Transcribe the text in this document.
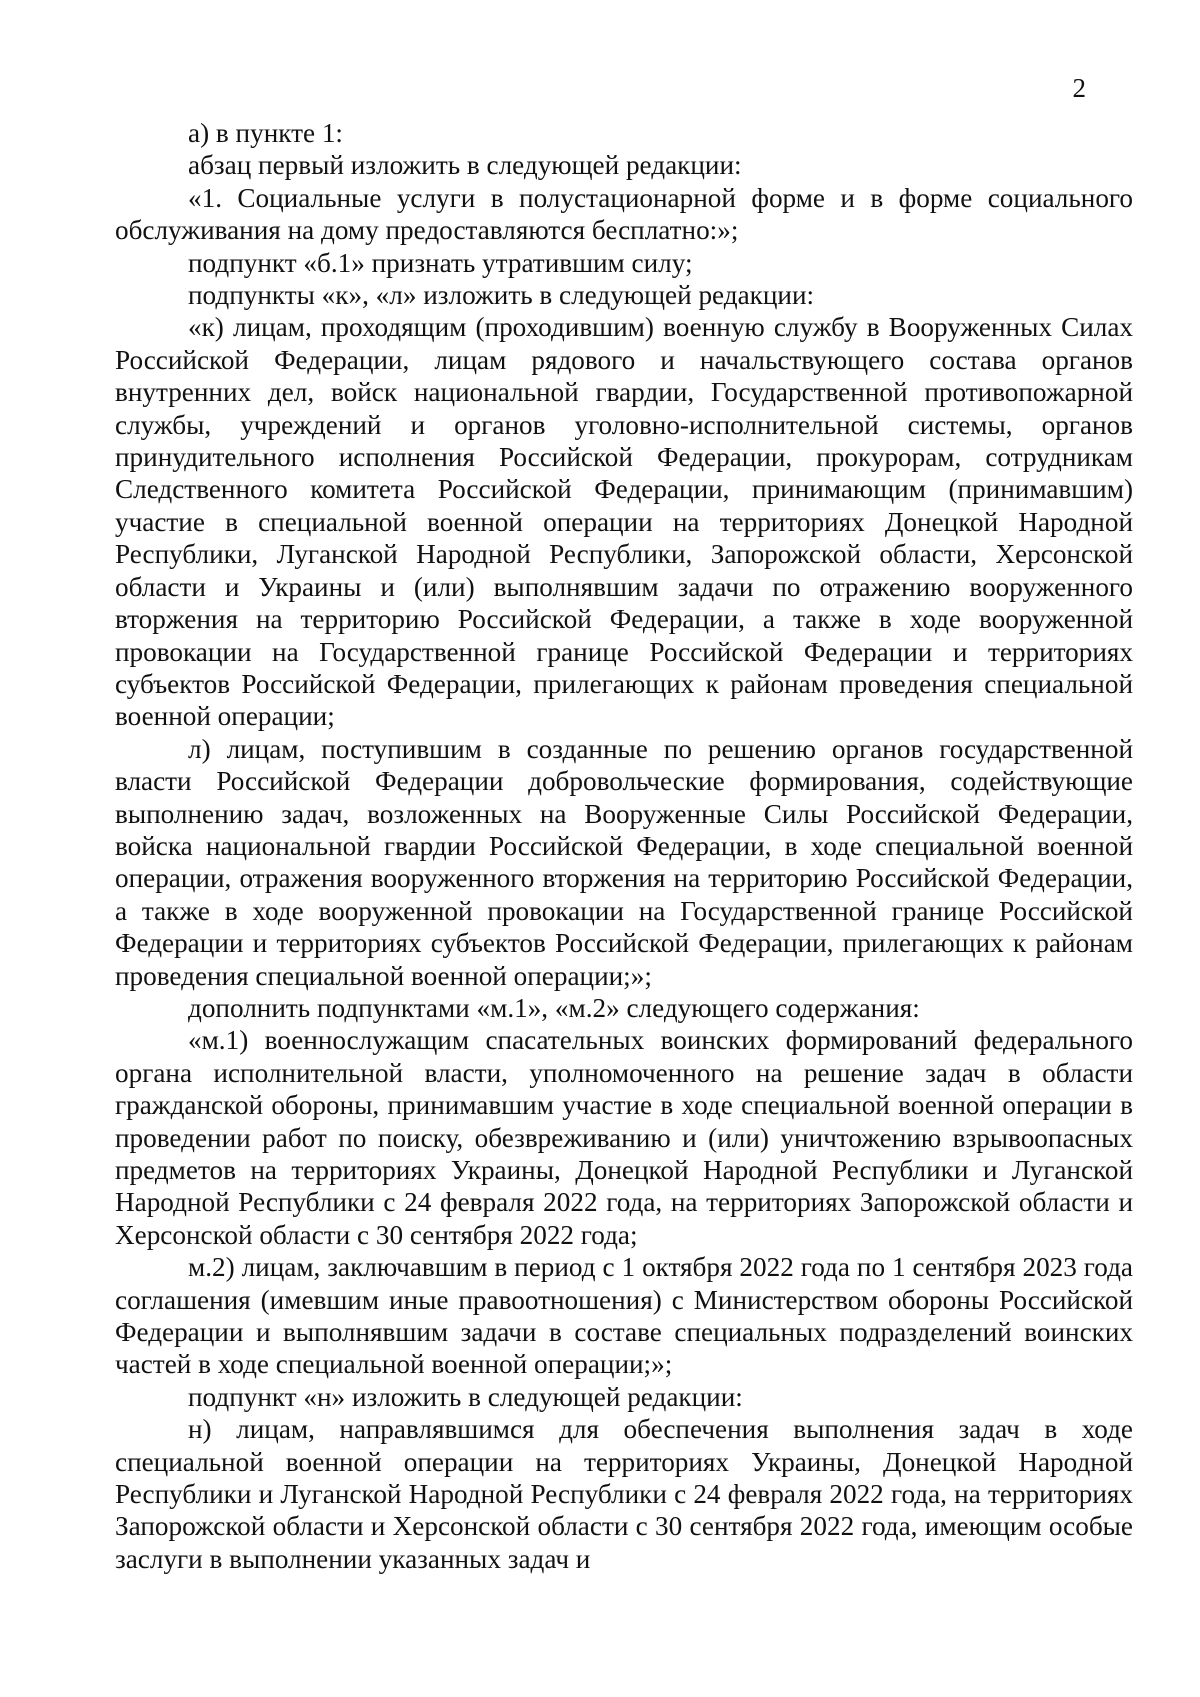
2

а) в пункте 1:

абзац первый изложить в следующей редакции:

«1. Социальные услуги в полустационарной форме и в форме социального обслуживания на дому предоставляются бесплатно:»;

подпункт «б.1» признать утратившим силу;

подпункты «к», «л» изложить в следующей редакции:

«к) лицам, проходящим (проходившим) военную службу в Вооруженных Силах Российской Федерации, лицам рядового и начальствующего состава органов внутренних дел, войск национальной гвардии, Государственной противопожарной службы, учреждений и органов уголовно-исполнительной системы, органов принудительного исполнения Российской Федерации, прокурорам, сотрудникам Следственного комитета Российской Федерации, принимающим (принимавшим) участие в специальной военной операции на территориях Донецкой Народной Республики, Луганской Народной Республики, Запорожской области, Херсонской области и Украины и (или) выполнявшим задачи по отражению вооруженного вторжения на территорию Российской Федерации, а также в ходе вооруженной провокации на Государственной границе Российской Федерации и территориях субъектов Российской Федерации, прилегающих к районам проведения специальной военной операции;

л) лицам, поступившим в созданные по решению органов государственной власти Российской Федерации добровольческие формирования, содействующие выполнению задач, возложенных на Вооруженные Силы Российской Федерации, войска национальной гвардии Российской Федерации, в ходе специальной военной операции, отражения вооруженного вторжения на территорию Российской Федерации, а также в ходе вооруженной провокации на Государственной границе Российской Федерации и территориях субъектов Российской Федерации, прилегающих к районам проведения специальной военной операции;»;

дополнить подпунктами «м.1», «м.2» следующего содержания:

«м.1) военнослужащим спасательных воинских формирований федерального органа исполнительной власти, уполномоченного на решение задач в области гражданской обороны, принимавшим участие в ходе специальной военной операции в проведении работ по поиску, обезвреживанию и (или) уничтожению взрывоопасных предметов на территориях Украины, Донецкой Народной Республики и Луганской Народной Республики с 24 февраля 2022 года, на территориях Запорожской области и Херсонской области с 30 сентября 2022 года;

м.2) лицам, заключавшим в период с 1 октября 2022 года по 1 сентября 2023 года соглашения (имевшим иные правоотношения) с Министерством обороны Российской Федерации и выполнявшим задачи в составе специальных подразделений воинских частей в ходе специальной военной операции;»;

подпункт «н» изложить в следующей редакции:

н) лицам, направлявшимся для обеспечения выполнения задач в ходе специальной военной операции на территориях Украины, Донецкой Народной Республики и Луганской Народной Республики с 24 февраля 2022 года, на территориях Запорожской области и Херсонской области с 30 сентября 2022 года, имеющим особые заслуги в выполнении указанных задач и
